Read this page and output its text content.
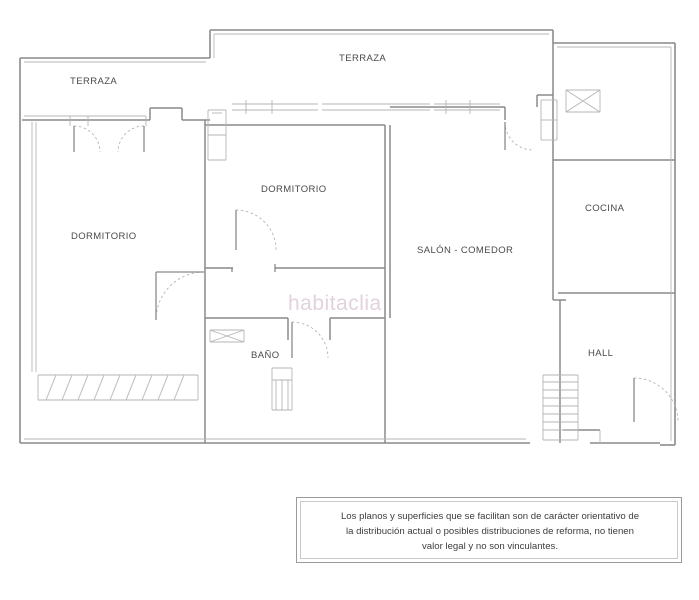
TERRAZA
TERRAZA
DORMITORIO
DORMITORIO
SALÓN - COMEDOR
COCINA
BAÑO	HALL
habitaclia
Los planos y superficies que se facilitan son de carácter orientativo de
la distribución actual o posibles distribuciones de reforma, no tienen
valor legal y no son vinculantes.
